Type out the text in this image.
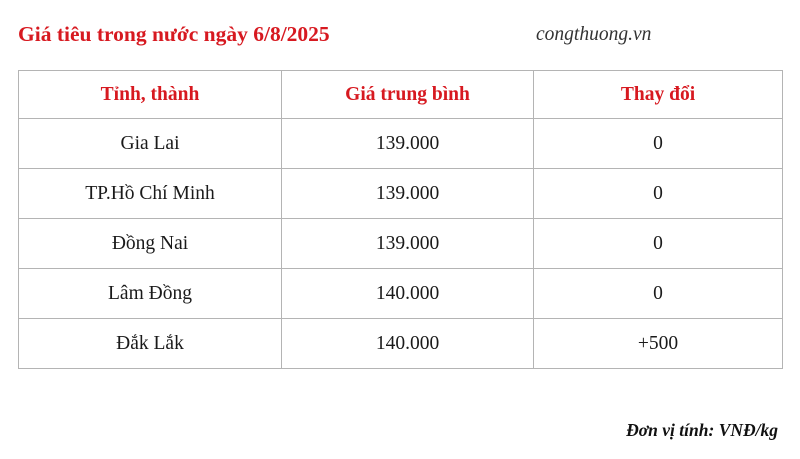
Giá tiêu trong nước ngày 6/8/2025	congthuong.vn
Tỉnh, thành	Giá trung bình	Thay đổi
Gia Lai	139.000	0
TP.Hồ Chí Minh	139.000	0
Đồng Nai	139.000	0
Lâm Đồng	140.000	0
Đắk Lắk	140.000	+500
Đơn vị tính: VNĐ/kg
